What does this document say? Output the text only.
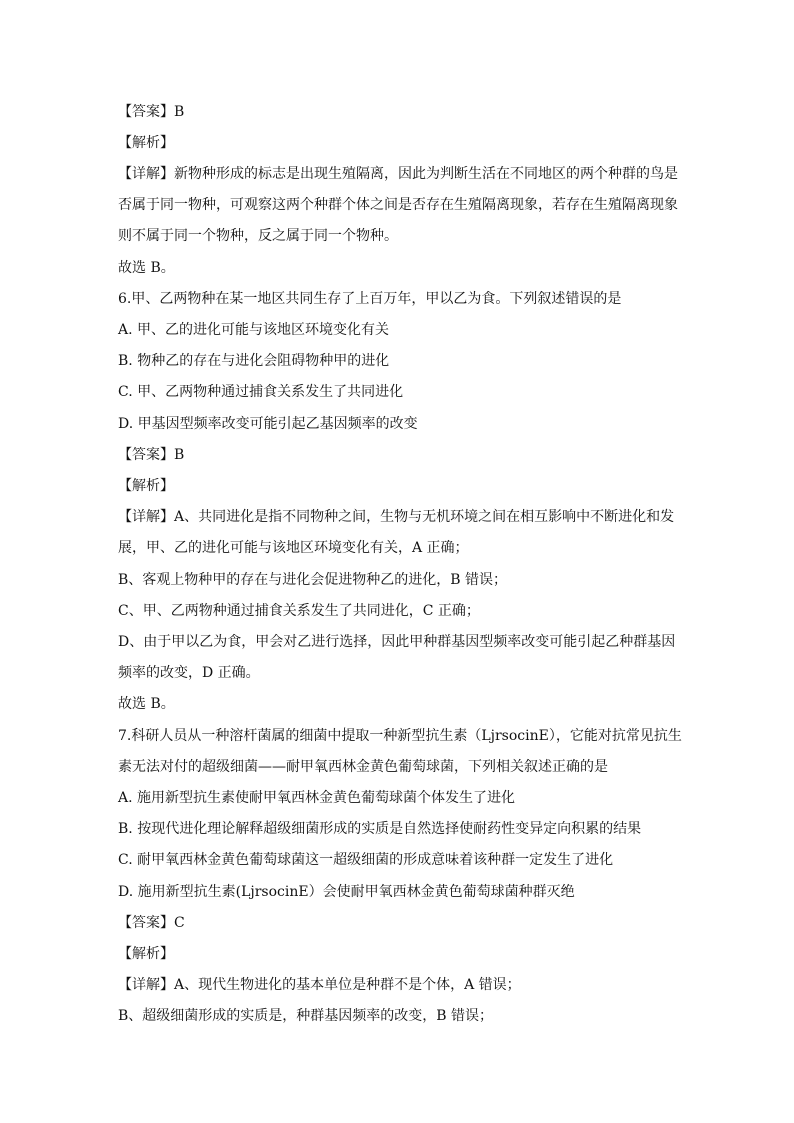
【答案】B
【解析】
【详解】新物种形成的标志是出现生殖隔离，因此为判断生活在不同地区的两个种群的鸟是
否属于同一物种，可观察这两个种群个体之间是否存在生殖隔离现象，若存在生殖隔离现象
则不属于同一个物种，反之属于同一个物种。
故选 B。
6.甲、乙两物种在某一地区共同生存了上百万年，甲以乙为食。下列叙述错误的是
A. 甲、乙的进化可能与该地区环境变化有关
B. 物种乙的存在与进化会阻碍物种甲的进化
C. 甲、乙两物种通过捕食关系发生了共同进化
D. 甲基因型频率改变可能引起乙基因频率的改变
【答案】B
【解析】
【详解】A、共同进化是指不同物种之间，生物与无机环境之间在相互影响中不断进化和发
展，甲、乙的进化可能与该地区环境变化有关，A 正确；
B、客观上物种甲的存在与进化会促进物种乙的进化，B 错误；
C、甲、乙两物种通过捕食关系发生了共同进化，C 正确；
D、由于甲以乙为食，甲会对乙进行选择，因此甲种群基因型频率改变可能引起乙种群基因
频率的改变，D 正确。
故选 B。
7.科研人员从一种溶杆菌属的细菌中提取一种新型抗生素（LjrsocinE），它能对抗常见抗生
素无法对付的超级细菌——耐甲氧西林金黄色葡萄球菌，下列相关叙述正确的是
A. 施用新型抗生素使耐甲氧西林金黄色葡萄球菌个体发生了进化
B. 按现代进化理论解释超级细菌形成的实质是自然选择使耐药性变异定向积累的结果
C. 耐甲氧西林金黄色葡萄球菌这一超级细菌的形成意味着该种群一定发生了进化
D. 施用新型抗生素(LjrsocinE）会使耐甲氧西林金黄色葡萄球菌种群灭绝
【答案】C
【解析】
【详解】A、现代生物进化的基本单位是种群不是个体，A 错误；
B、超级细菌形成的实质是，种群基因频率的改变，B 错误；
